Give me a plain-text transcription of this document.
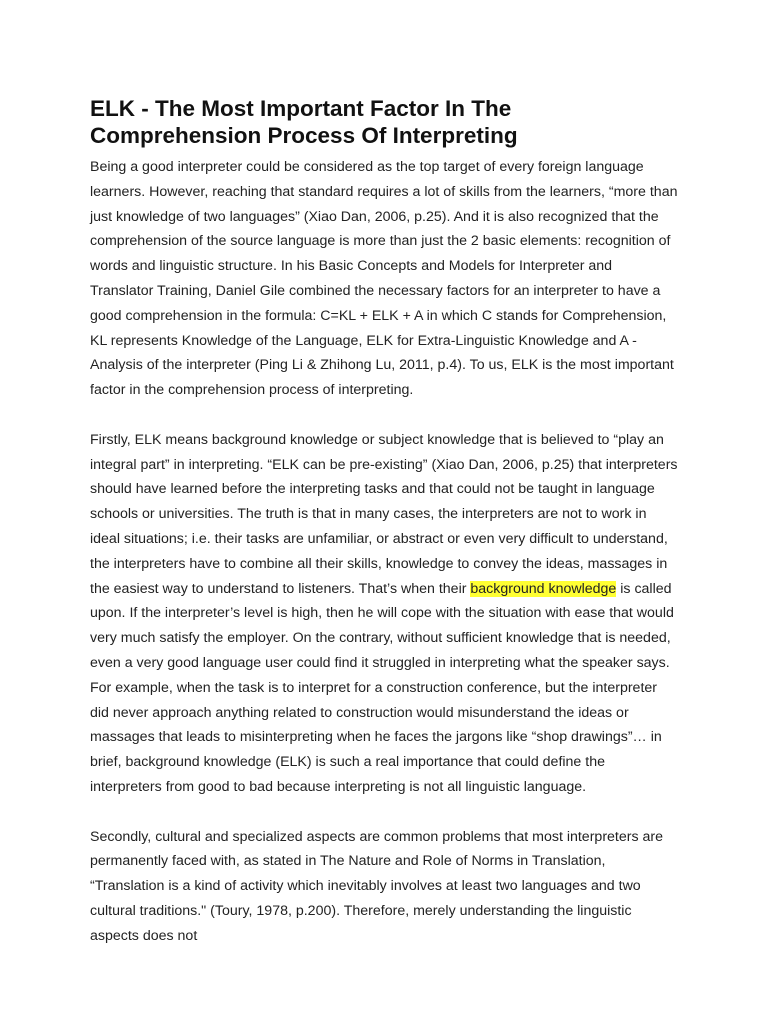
ELK - The Most Important Factor In The Comprehension Process Of Interpreting

Being a good interpreter could be considered as the top target of every foreign language learners. However, reaching that standard requires a lot of skills from the learners, “more than just knowledge of two languages” (Xiao Dan, 2006, p.25). And it is also recognized that the comprehension of the source language is more than just the 2 basic elements: recognition of words and linguistic structure. In his Basic Concepts and Models for Interpreter and Translator Training, Daniel Gile combined the necessary factors for an interpreter to have a good comprehension in the formula: C=KL + ELK + A in which C stands for Comprehension, KL represents Knowledge of the Language, ELK for Extra-Linguistic Knowledge and A - Analysis of the interpreter (Ping Li & Zhihong Lu, 2011, p.4). To us, ELK is the most important factor in the comprehension process of interpreting.

Firstly, ELK means background knowledge or subject knowledge that is believed to “play an integral part” in interpreting. “ELK can be pre-existing” (Xiao Dan, 2006, p.25) that interpreters should have learned before the interpreting tasks and that could not be taught in language schools or universities. The truth is that in many cases, the interpreters are not to work in ideal situations; i.e. their tasks are unfamiliar, or abstract or even very difficult to understand, the interpreters have to combine all their skills, knowledge to convey the ideas, massages in the easiest way to understand to listeners. That’s when their background knowledge is called upon. If the interpreter’s level is high, then he will cope with the situation with ease that would very much satisfy the employer. On the contrary, without sufficient knowledge that is needed, even a very good language user could find it struggled in interpreting what the speaker says. For example, when the task is to interpret for a construction conference, but the interpreter did never approach anything related to construction would misunderstand the ideas or massages that leads to misinterpreting when he faces the jargons like “shop drawings”… in brief, background knowledge (ELK) is such a real importance that could define the interpreters from good to bad because interpreting is not all linguistic language.

Secondly, cultural and specialized aspects are common problems that most interpreters are permanently faced with, as stated in The Nature and Role of Norms in Translation, “Translation is a kind of activity which inevitably involves at least two languages and two cultural traditions." (Toury, 1978, p.200). Therefore, merely understanding the linguistic aspects does not
